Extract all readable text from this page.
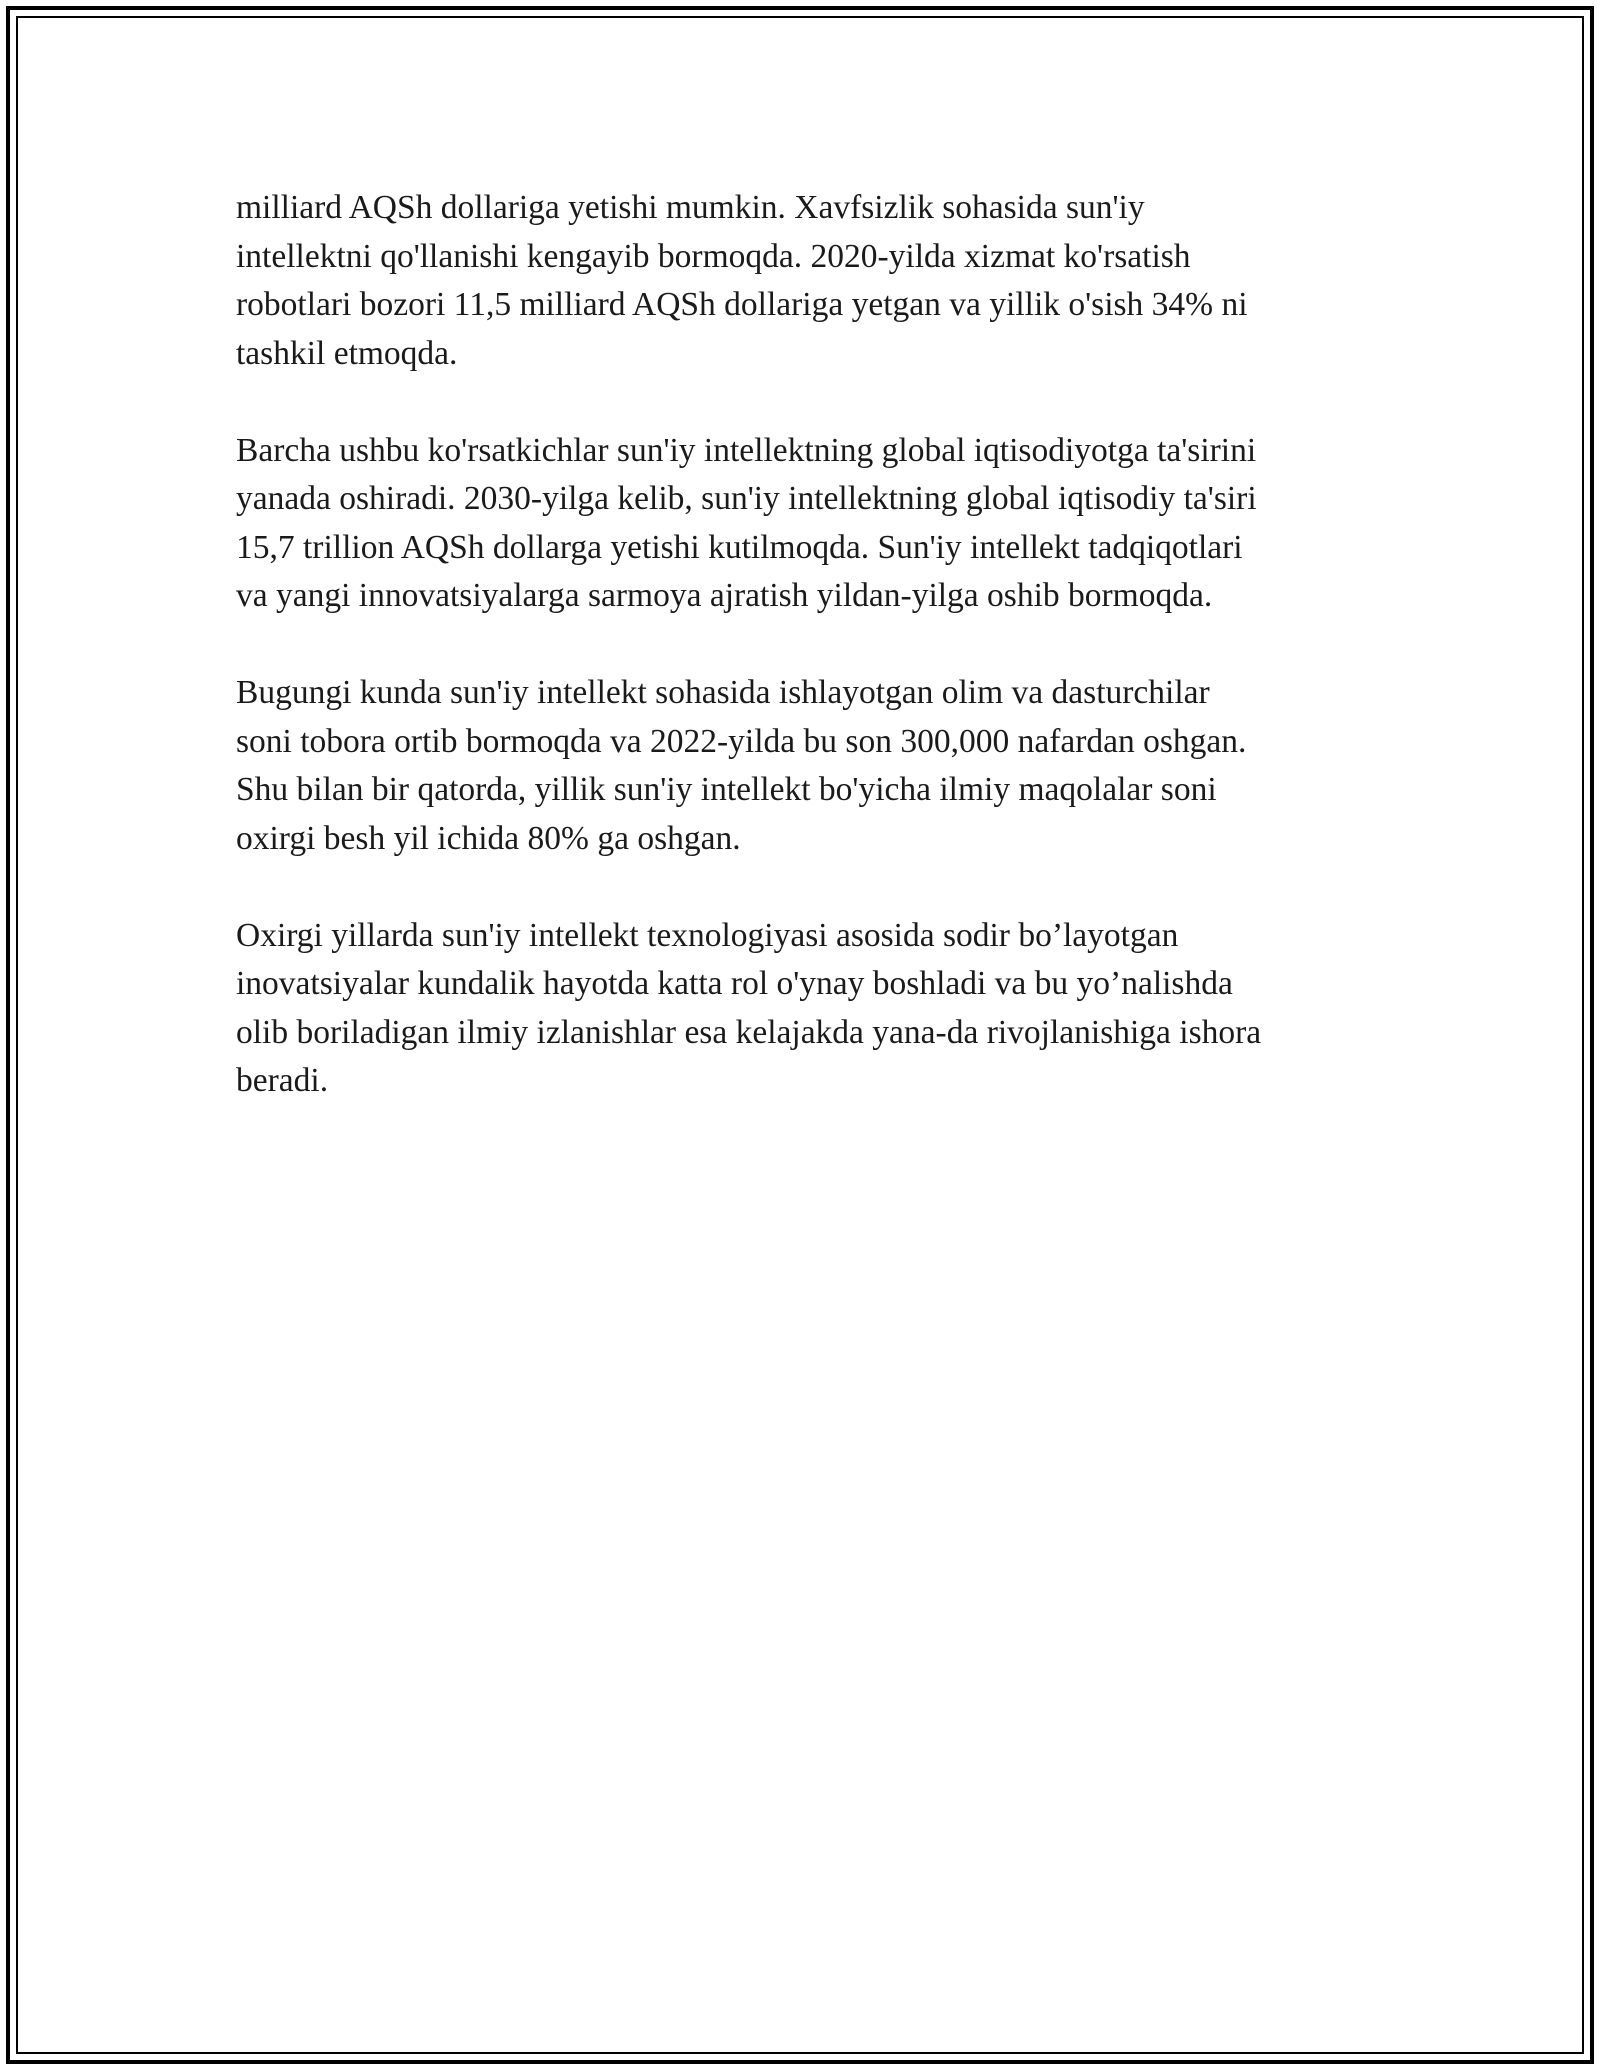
milliard AQSh dollariga yetishi mumkin. Xavfsizlik sohasida sun'iy
intellektni qo'llanishi kengayib bormoqda. 2020-yilda xizmat ko'rsatish
robotlari bozori 11,5 milliard AQSh dollariga yetgan va yillik o'sish 34% ni
tashkil etmoqda.

Barcha ushbu ko'rsatkichlar sun'iy intellektning global iqtisodiyotga ta'sirini
yanada oshiradi. 2030-yilga kelib, sun'iy intellektning global iqtisodiy ta'siri
15,7 trillion AQSh dollarga yetishi kutilmoqda. Sun'iy intellekt tadqiqotlari
va yangi innovatsiyalarga sarmoya ajratish yildan-yilga oshib bormoqda.

Bugungi kunda sun'iy intellekt sohasida ishlayotgan olim va dasturchilar
soni tobora ortib bormoqda va 2022-yilda bu son 300,000 nafardan oshgan.
Shu bilan bir qatorda, yillik sun'iy intellekt bo'yicha ilmiy maqolalar soni
oxirgi besh yil ichida 80% ga oshgan.

Oxirgi yillarda sun'iy intellekt texnologiyasi asosida sodir bo’layotgan
inovatsiyalar kundalik hayotda katta rol o'ynay boshladi va bu yo’nalishda
olib boriladigan ilmiy izlanishlar esa kelajakda yana-da rivojlanishiga ishora
beradi.
